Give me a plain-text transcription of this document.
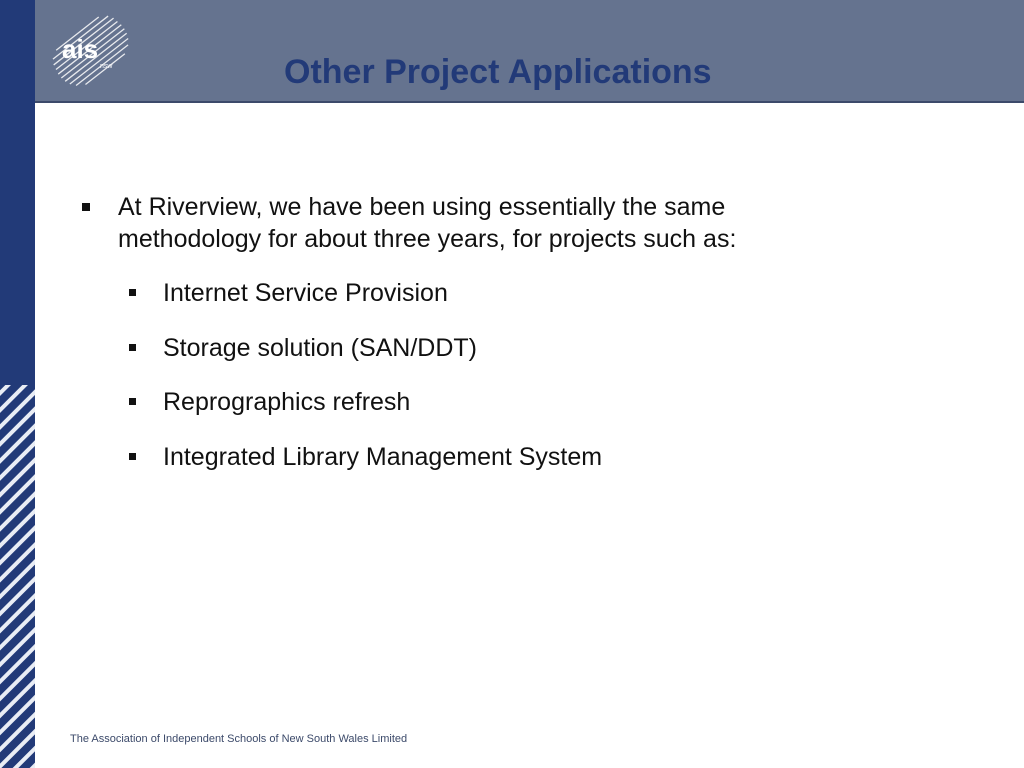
ais
nsw	Other Project Applications
At Riverview, we have been using essentially the same methodology for about three years, for projects such as:
Internet Service Provision
Storage solution (SAN/DDT)
Reprographics refresh
Integrated Library Management System
The Association of Independent Schools of New South Wales Limited
